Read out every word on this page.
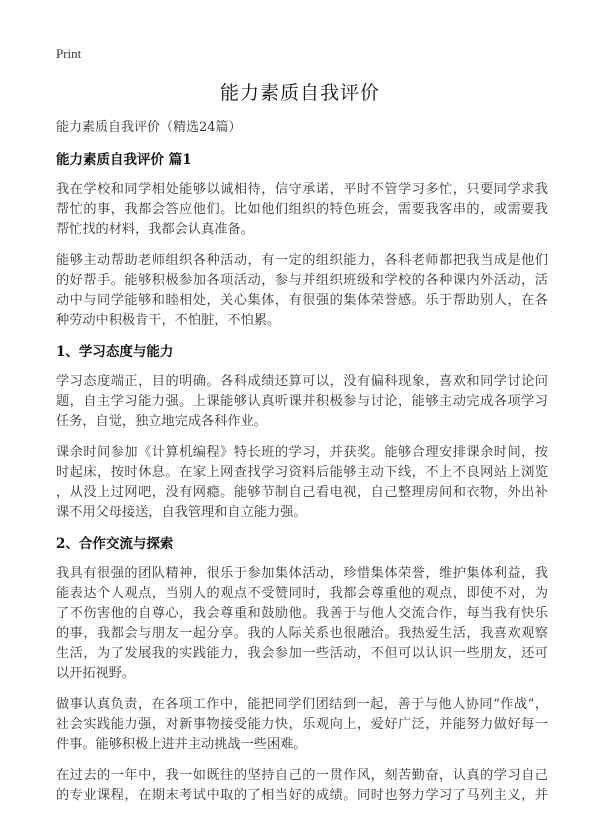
Print

能力素质自我评价

能力素质自我评价（精选24篇）

能力素质自我评价 篇1
我在学校和同学相处能够以诚相待，信守承诺，平时不管学习多忙，只要同学求我
帮忙的事，我都会答应他们。比如他们组织的特色班会，需要我客串的，或需要我
帮忙找的材料，我都会认真准备。
能够主动帮助老师组织各种活动，有一定的组织能力，各科老师都把我当成是他们
的好帮手。能够积极参加各项活动，参与并组织班级和学校的各种课内外活动，活
动中与同学能够和睦相处，关心集体，有很强的集体荣誉感。乐于帮助别人，在各
种劳动中积极肯干，不怕脏，不怕累。
1、学习态度与能力
学习态度端正，目的明确。各科成绩还算可以，没有偏科现象，喜欢和同学讨论问
题，自主学习能力强。上课能够认真听课并积极参与讨论，能够主动完成各项学习
任务，自觉，独立地完成各科作业。
课余时间参加《计算机编程》特长班的学习，并获奖。能够合理安排课余时间，按
时起床，按时休息。在家上网查找学习资料后能够主动下线，不上不良网站上浏览
，从没上过网吧，没有网瘾。能够节制自己看电视，自己整理房间和衣物，外出补
课不用父母接送，自我管理和自立能力强。
2、合作交流与探索
我具有很强的团队精神，很乐于参加集体活动，珍惜集体荣誉，维护集体利益，我
能表达个人观点，当别人的观点不受赞同时，我都会尊重他的观点，即使不对，为
了不伤害他的自尊心，我会尊重和鼓励他。我善于与他人交流合作，每当我有快乐
的事，我都会与朋友一起分享。我的人际关系也很融洽。我热爱生活，我喜欢观察
生活，为了发展我的实践能力，我会参加一些活动，不但可以认识一些朋友，还可
以开拓视野。
做事认真负责，在各项工作中，能把同学们团结到一起，善于与他人协同“作战”，
社会实践能力强，对新事物接受能力快，乐观向上，爱好广泛，并能努力做好每一
件事。能够积极上进并主动挑战一些困难。
在过去的一年中，我一如既往的坚持自己的一贯作风，刻苦勤奋，认真的学习自己
的专业课程，在期末考试中取的了相当好的成绩。同时也努力学习了马列主义，并
